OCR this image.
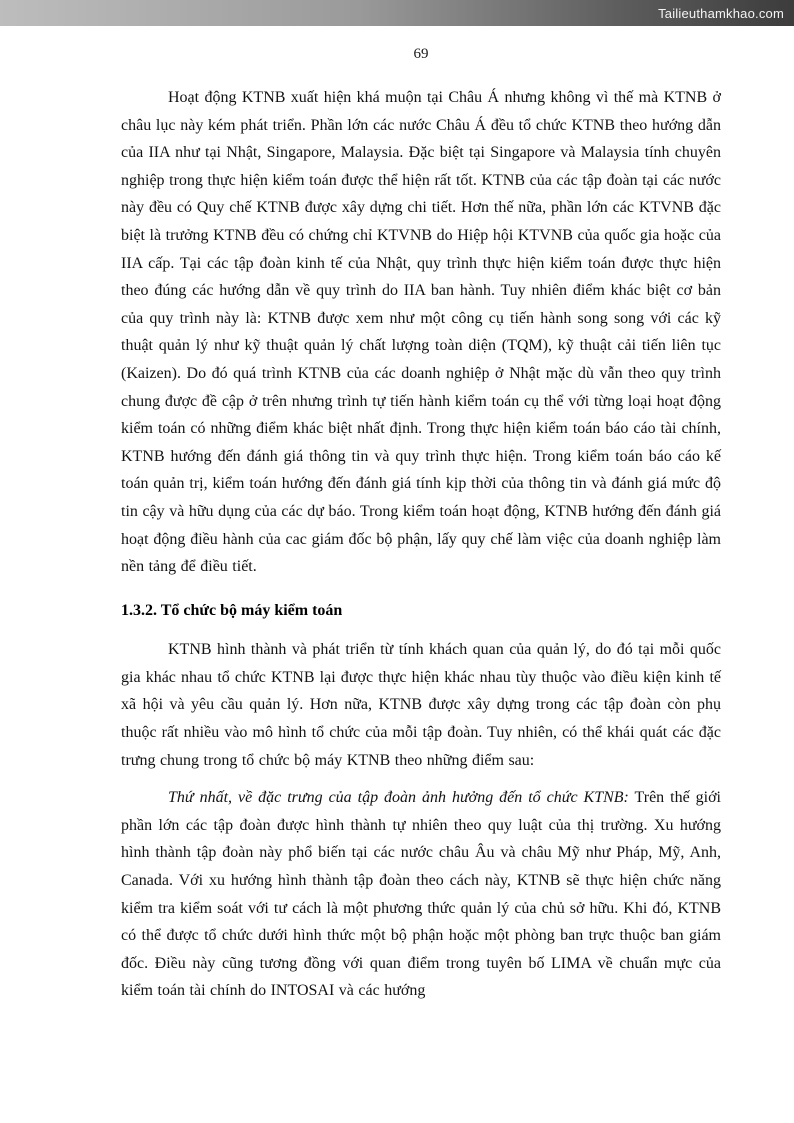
Tailieuthamkhao.com
69

Hoạt động KTNB xuất hiện khá muộn tại Châu Á nhưng không vì thế mà KTNB ở châu lục này kém phát triển. Phần lớn các nước Châu Á đều tổ chức KTNB theo hướng dẫn của IIA như tại Nhật, Singapore, Malaysia. Đặc biệt tại Singapore và Malaysia tính chuyên nghiệp trong thực hiện kiểm toán được thể hiện rất tốt. KTNB của các tập đoàn tại các nước này đều có Quy chế KTNB được xây dựng chi tiết. Hơn thế nữa, phần lớn các KTVNB đặc biệt là trưởng KTNB đều có chứng chỉ KTVNB do Hiệp hội KTVNB của quốc gia hoặc của IIA cấp. Tại các tập đoàn kinh tế của Nhật, quy trình thực hiện kiểm toán được thực hiện theo đúng các hướng dẫn về quy trình do IIA ban hành. Tuy nhiên điểm khác biệt cơ bản của quy trình này là: KTNB được xem như một công cụ tiến hành song song với các kỹ thuật quản lý như kỹ thuật quản lý chất lượng toàn diện (TQM), kỹ thuật cải tiến liên tục (Kaizen). Do đó quá trình KTNB của các doanh nghiệp ở Nhật mặc dù vẫn theo quy trình chung được đề cập ở trên nhưng trình tự tiến hành kiểm toán cụ thể với từng loại hoạt động kiểm toán có những điểm khác biệt nhất định. Trong thực hiện kiểm toán báo cáo tài chính, KTNB hướng đến đánh giá thông tin và quy trình thực hiện. Trong kiểm toán báo cáo kế toán quản trị, kiểm toán hướng đến đánh giá tính kịp thời của thông tin và đánh giá mức độ tin cậy và hữu dụng của các dự báo. Trong kiểm toán hoạt động, KTNB hướng đến đánh giá hoạt động điều hành của cac giám đốc bộ phận, lấy quy chế làm việc của doanh nghiệp làm nền tảng để điều tiết.

1.3.2. Tổ chức bộ máy kiểm toán

KTNB hình thành và phát triển từ tính khách quan của quản lý, do đó tại mỗi quốc gia khác nhau tổ chức KTNB lại được thực hiện khác nhau tùy thuộc vào điều kiện kinh tế xã hội và yêu cầu quản lý. Hơn nữa, KTNB được xây dựng trong các tập đoàn còn phụ thuộc rất nhiều vào mô hình tổ chức của mỗi tập đoàn. Tuy nhiên, có thể khái quát các đặc trưng chung trong tổ chức bộ máy KTNB theo những điểm sau:

Thứ nhất, về đặc trưng của tập đoàn ảnh hưởng đến tổ chức KTNB: Trên thế giới phần lớn các tập đoàn được hình thành tự nhiên theo quy luật của thị trường. Xu hướng hình thành tập đoàn này phổ biến tại các nước châu Âu và châu Mỹ như Pháp, Mỹ, Anh, Canada. Với xu hướng hình thành tập đoàn theo cách này, KTNB sẽ thực hiện chức năng kiểm tra kiểm soát với tư cách là một phương thức quản lý của chủ sở hữu. Khi đó, KTNB có thể được tổ chức dưới hình thức một bộ phận hoặc một phòng ban trực thuộc ban giám đốc. Điều này cũng tương đồng với quan điểm trong tuyên bố LIMA về chuẩn mực của kiểm toán tài chính do INTOSAI và các hướng
